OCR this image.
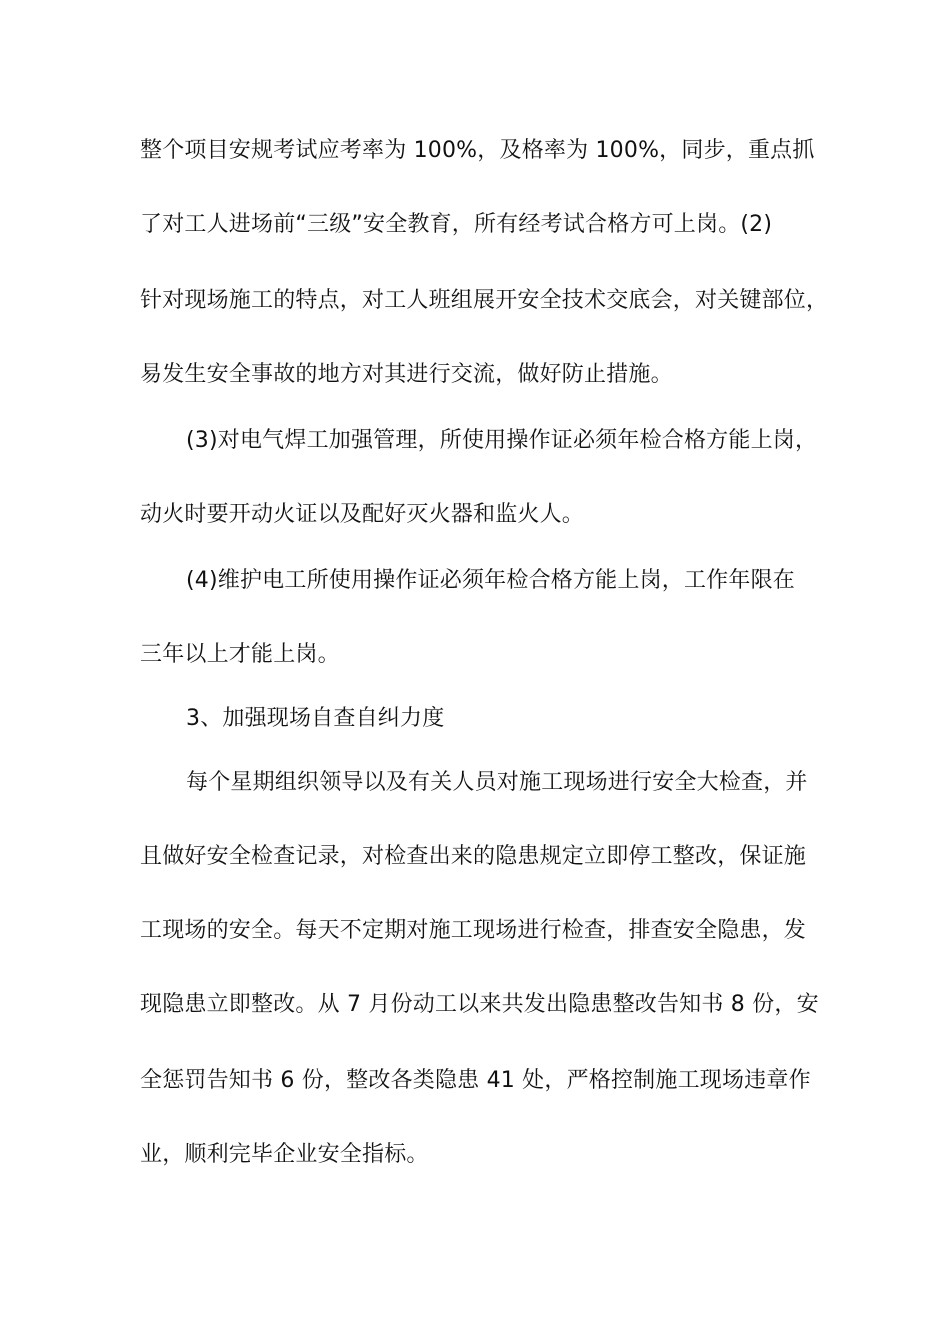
整个项目安规考试应考率为 100%，及格率为 100%，同步，重点抓
了对工人进场前“三级”安全教育，所有经考试合格方可上岗。(2)
针对现场施工的特点，对工人班组展开安全技术交底会，对关键部位，
易发生安全事故的地方对其进行交流，做好防止措施。
(3)对电气焊工加强管理，所使用操作证必须年检合格方能上岗，
动火时要开动火证以及配好灭火器和监火人。
(4)维护电工所使用操作证必须年检合格方能上岗，工作年限在
三年以上才能上岗。
3、加强现场自查自纠力度
每个星期组织领导以及有关人员对施工现场进行安全大检查，并
且做好安全检查记录，对检查出来的隐患规定立即停工整改，保证施
工现场的安全。每天不定期对施工现场进行检查，排查安全隐患，发
现隐患立即整改。从 7 月份动工以来共发出隐患整改告知书 8 份，安
全惩罚告知书 6 份，整改各类隐患 41 处，严格控制施工现场违章作
业，顺利完毕企业安全指标。
